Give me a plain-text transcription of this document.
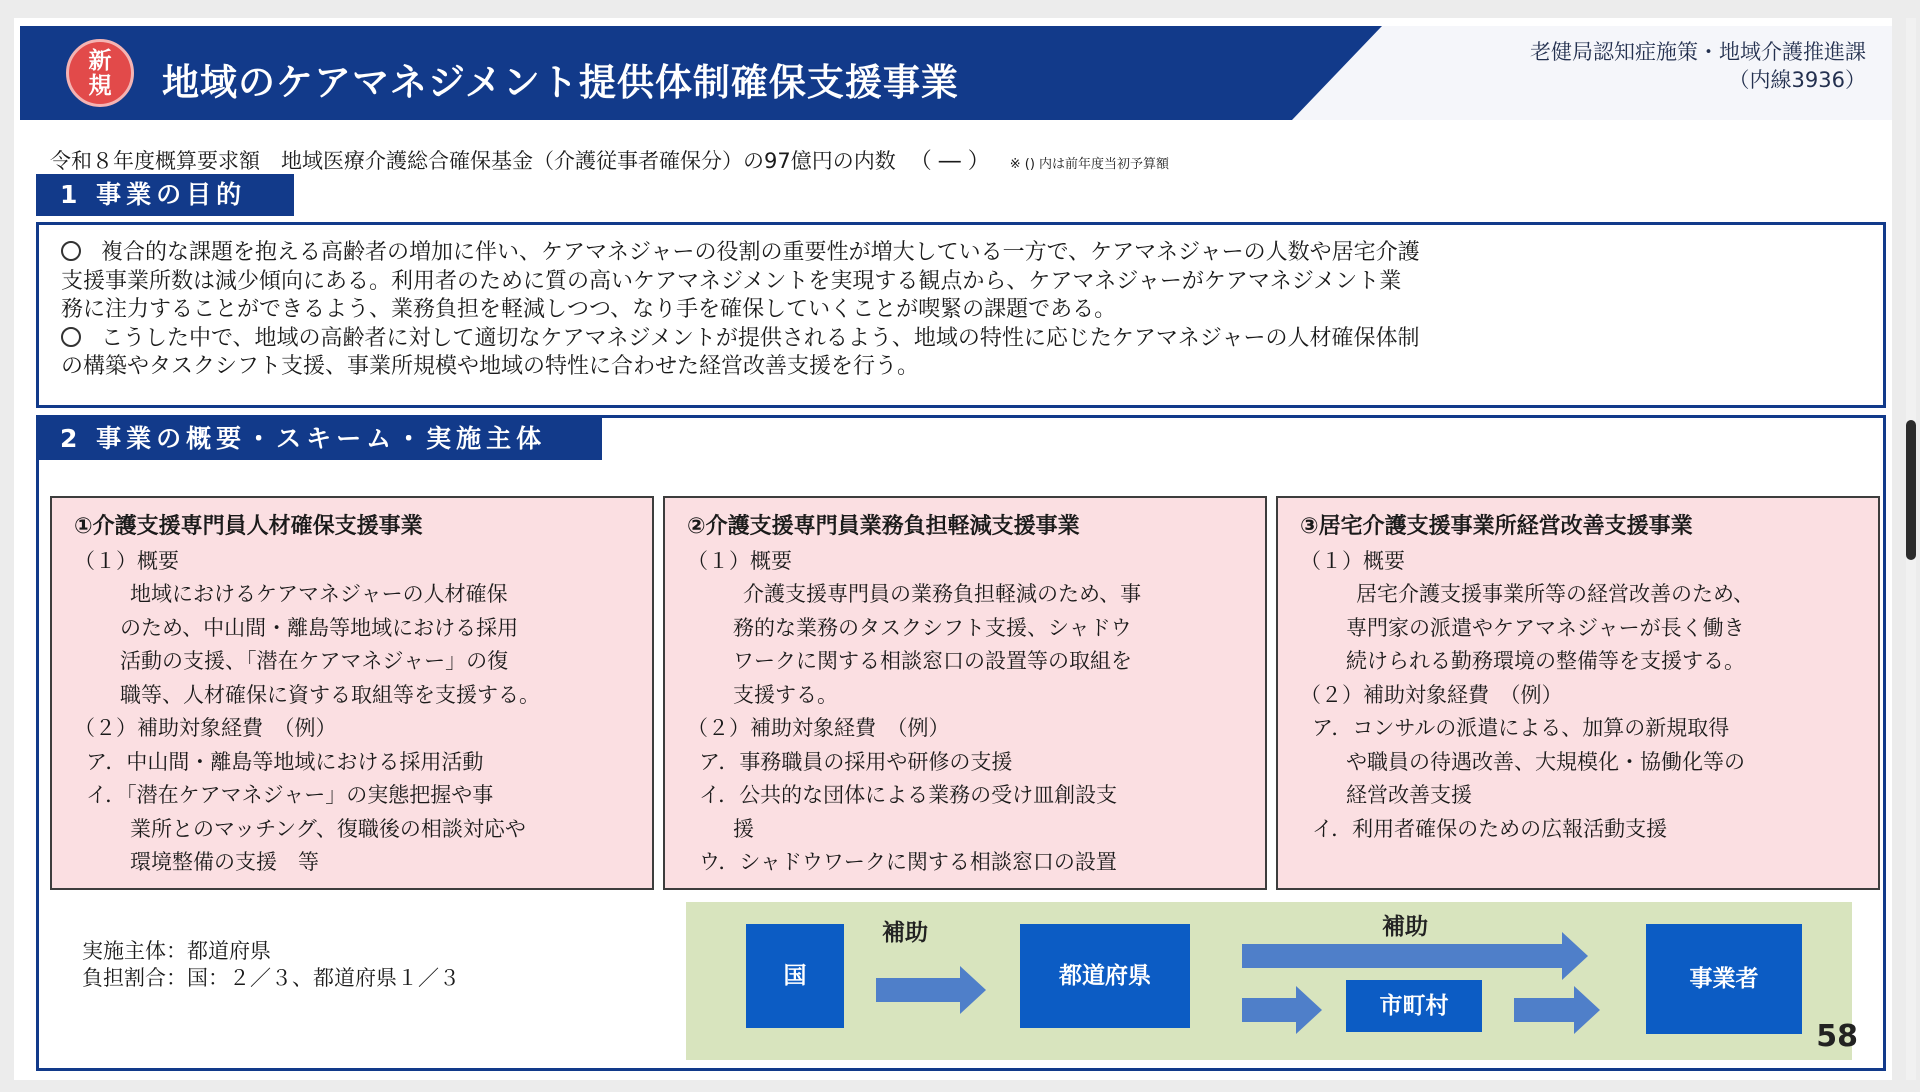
新
規	地域のケアマネジメント提供体制確保支援事業
老健局認知症施策・地域介護推進課
（内線3936）
令和８年度概算要求額　地域医療介護総合確保基金（介護従事者確保分）の97億円の内数 （ ― ） ※ () 内は前年度当初予算額
1 事業の目的

複合的な課題を抱える高齢者の増加に伴い、ケアマネジャーの役割の重要性が増大している一方で、ケアマネジャーの人数や居宅介護

支援事業所数は減少傾向にある。利用者のために質の高いケアマネジメントを実現する観点から、ケアマネジャーがケアマネジメント業

務に注力することができるよう、業務負担を軽減しつつ、なり手を確保していくことが喫緊の課題である。

こうした中で、地域の高齢者に対して適切なケアマネジメントが提供されるよう、地域の特性に応じたケアマネジャーの人材確保体制

の構築やタスクシフト支援、事業所規模や地域の特性に合わせた経営改善支援を行う。

2 事業の概要・スキーム・実施主体
①介護支援専門員人材確保支援事業
（１）概要
地域におけるケアマネジャーの人材確保
のため、中山間・離島等地域における採用
活動の支援、「潜在ケアマネジャー」の復
職等、人材確保に資する取組等を支援する。
（２）補助対象経費　（例）
ア．中山間・離島等地域における採用活動
イ．「潜在ケアマネジャー」の実態把握や事
業所とのマッチング、復職後の相談対応や
環境整備の支援　等
②介護支援専門員業務負担軽減支援事業
（１）概要
介護支援専門員の業務負担軽減のため、事
務的な業務のタスクシフト支援、シャドウ
ワークに関する相談窓口の設置等の取組を
支援する。
（２）補助対象経費　（例）
ア．事務職員の採用や研修の支援
イ．公共的な団体による業務の受け皿創設支
援
ウ．シャドウワークに関する相談窓口の設置
③居宅介護支援事業所経営改善支援事業
（１）概要
居宅介護支援事業所等の経営改善のため、
専門家の派遣やケアマネジャーが長く働き
続けられる勤務環境の整備等を支援する。
（２）補助対象経費　（例）
ア．コンサルの派遣による、加算の新規取得
や職員の待遇改善、大規模化・協働化等の
経営改善支援
イ．利用者確保のための広報活動支援
実施主体：都道府県
負担割合：国：２／３、都道府県１／３	国
補助
都道府県
補助
市町村
事業者
58
